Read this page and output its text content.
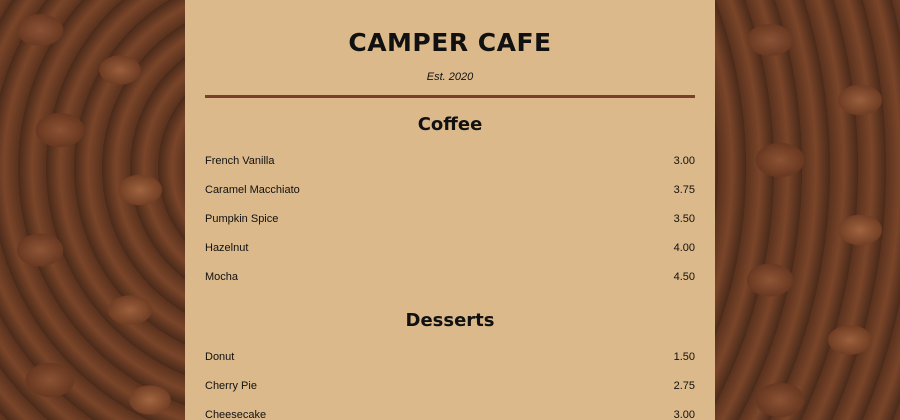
CAMPER CAFE

Est. 2020

Coffee
French Vanilla	3.00
Caramel Macchiato	3.75
Pumpkin Spice	3.50
Hazelnut	4.00
Mocha	4.50
Desserts
Donut	1.50
Cherry Pie	2.75
Cheesecake	3.00
